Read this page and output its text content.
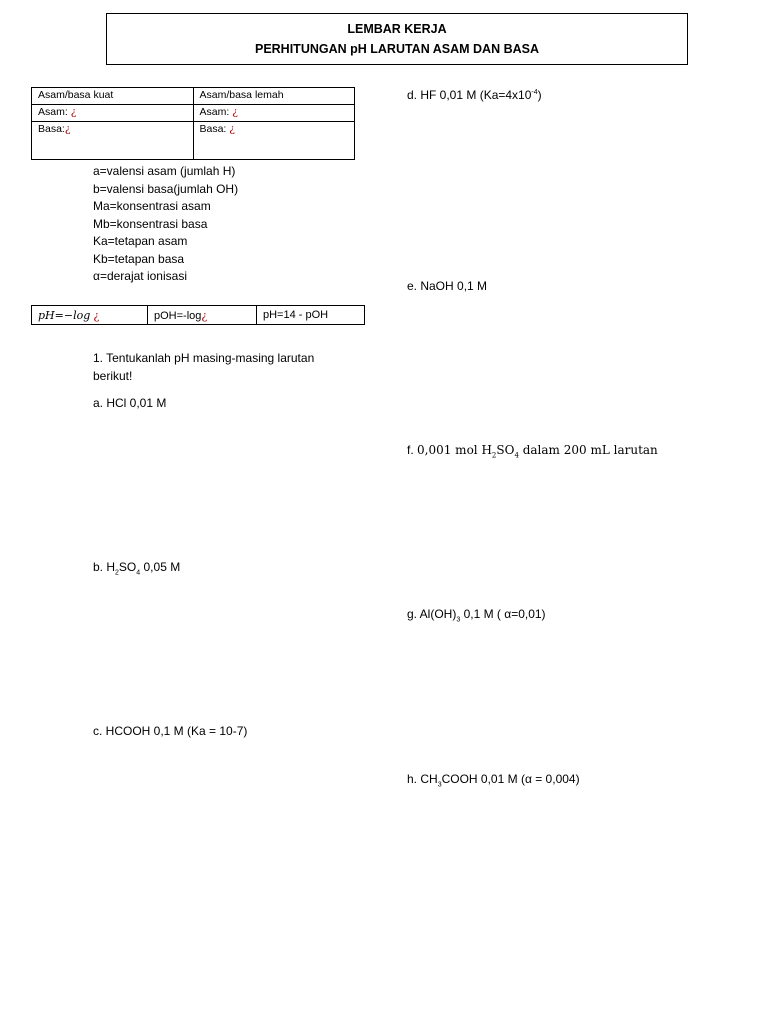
LEMBAR KERJA
PERHITUNGAN pH LARUTAN ASAM DAN BASA
Asam/basa kuat	Asam/basa lemah
Asam: ¿	Asam: ¿
Basa:¿	Basa: ¿
a=valensi asam (jumlah H)
b=valensi basa(jumlah OH)
Ma=konsentrasi asam
Mb=konsentrasi basa
Ka=tetapan asam
Kb=tetapan basa
α=derajat ionisasi
pH=−log ¿	pOH=-log¿	pH=14 - pOH
1. Tentukanlah pH masing-masing larutan berikut!
a. HCl 0,01 M
b. $H_2SO_4$ 0,05 M
c. HCOOH 0,1 M (Ka = 10-7)
d. HF 0,01 M $(Ka=4x10^{-4})$
e. NaOH 0,1 M
f. 0,001 mol $H_2SO_4$ dalam 200 mL larutan
g. $Al(OH)_3$ 0,1 M ( α=0,01)
h. $CH_3COOH$ 0,01 M (α = 0,004)
